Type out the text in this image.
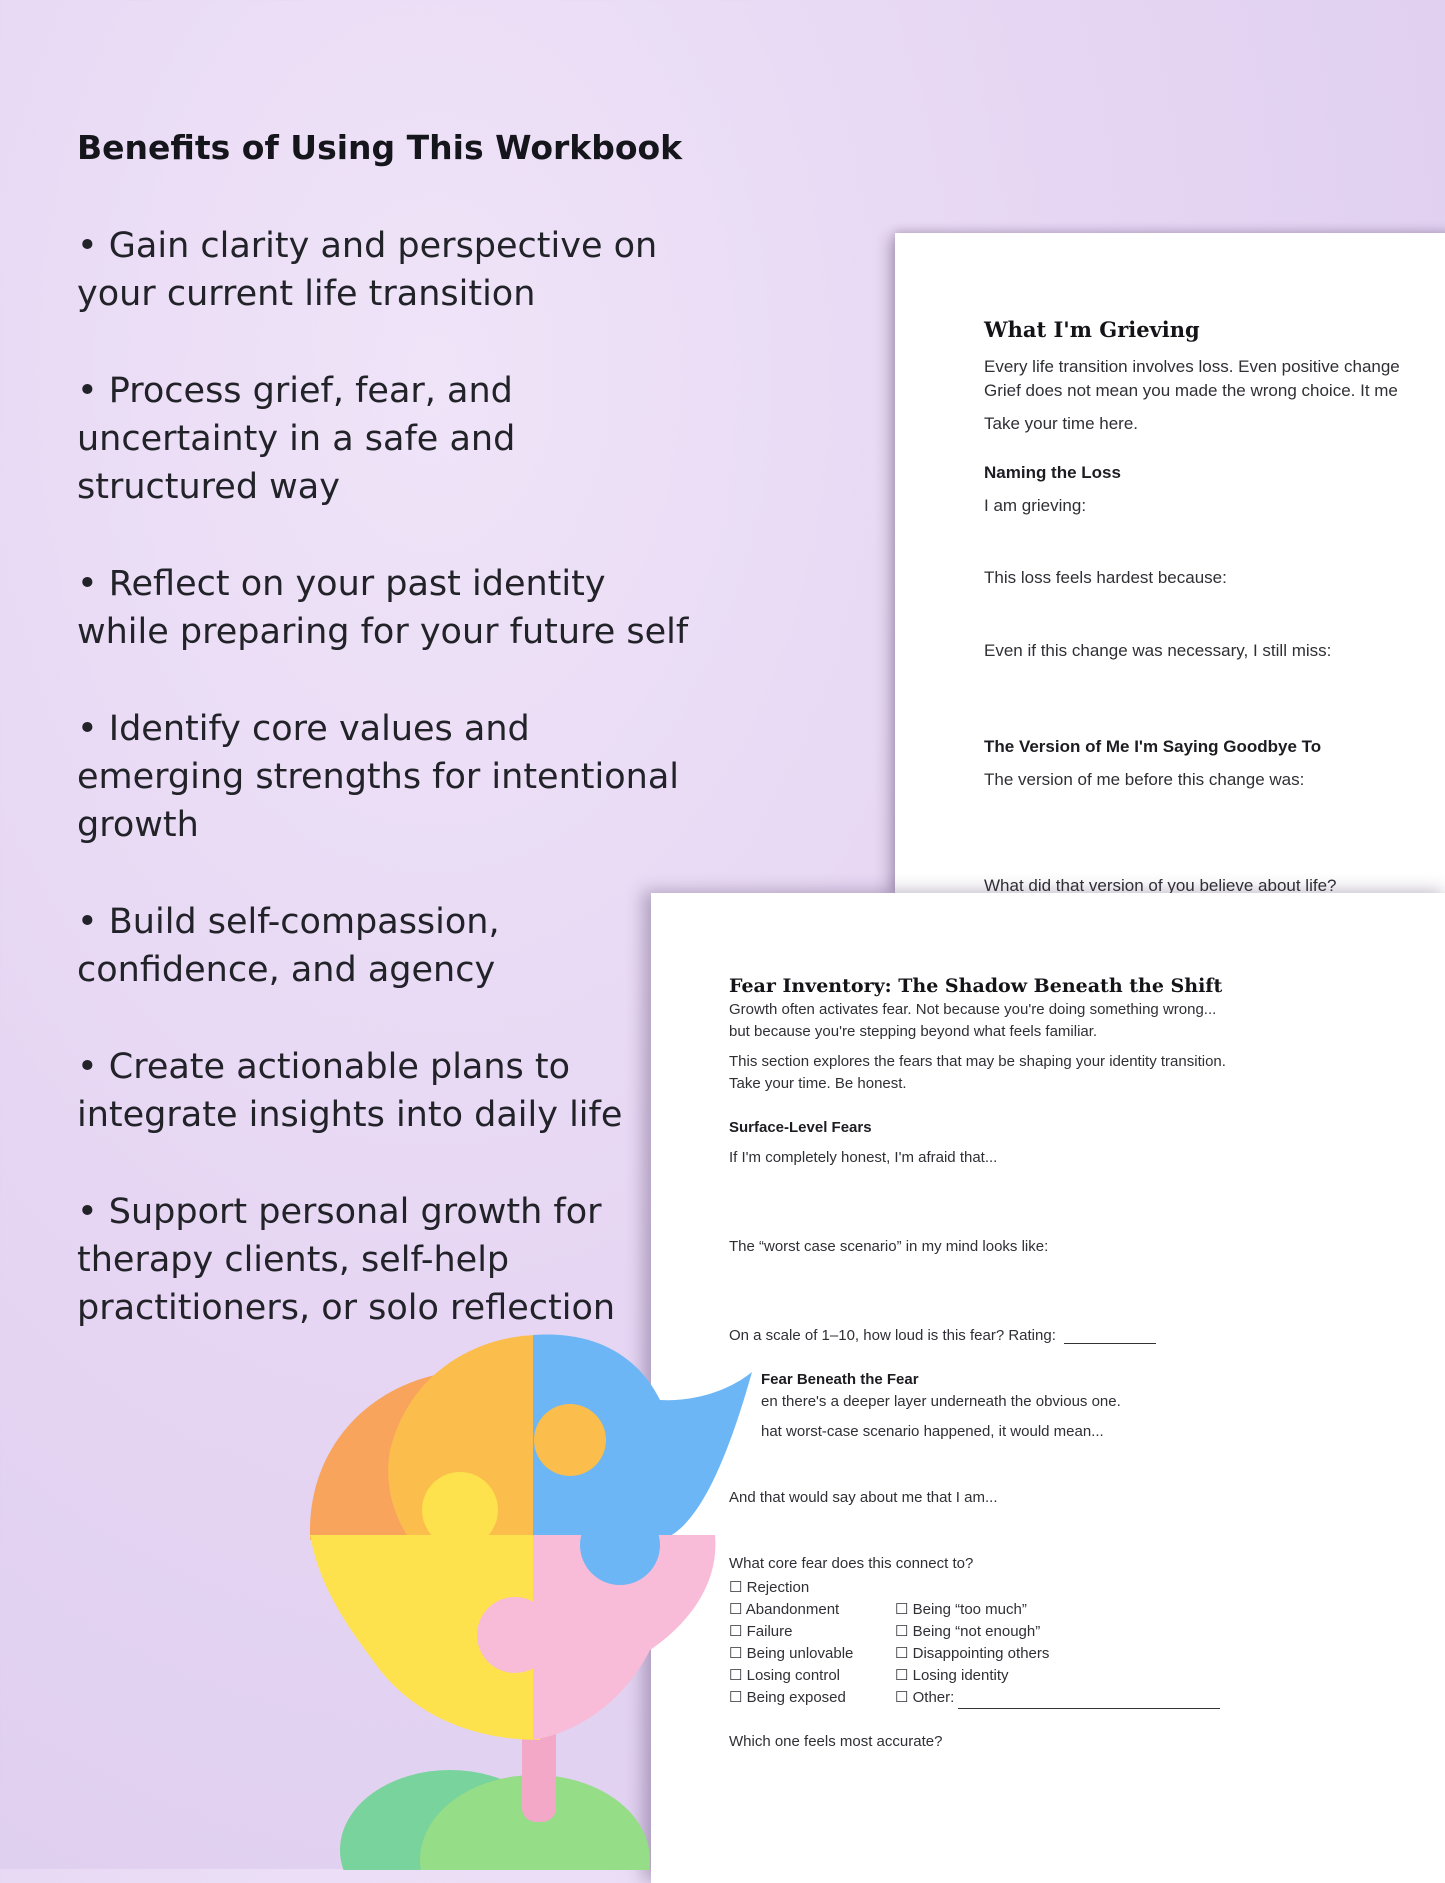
Benefits of Using This Workbook
• Gain clarity and perspective on your current life transition
• Process grief, fear, and uncertainty in a safe and structured way
• Reflect on your past identity while preparing for your future self
• Identify core values and emerging strengths for intentional growth
• Build self-compassion, confidence, and agency
• Create actionable plans to integrate insights into daily life
• Support personal growth for therapy clients, self-help practitioners, or solo reflection
What I'm Grieving
Every life transition involves loss. Even positive change
Grief does not mean you made the wrong choice. It me
Take your time here.
Naming the Loss
I am grieving:
This loss feels hardest because:
Even if this change was necessary, I still miss:
The Version of Me I'm Saying Goodbye To
The version of me before this change was:
What did that version of you believe about life?
Fear Inventory: The Shadow Beneath the Shift
Growth often activates fear. Not because you're doing something wrong...
but because you're stepping beyond what feels familiar.
This section explores the fears that may be shaping your identity transition.
Take your time. Be honest.
Surface-Level Fears
If I'm completely honest, I'm afraid that...
The “worst case scenario” in my mind looks like:
On a scale of 1–10, how loud is this fear? Rating:
Fear Beneath the Fear
en there's a deeper layer underneath the obvious one.
hat worst-case scenario happened, it would mean...
And that would say about me that I am...
What core fear does this connect to?
☐ Rejection
☐ Abandonment
☐ Failure
☐ Being unlovable
☐ Losing control
☐ Being exposed
☐ Being “too much”
☐ Being “not enough”
☐ Disappointing others
☐ Losing identity
☐ Other:
Which one feels most accurate?
